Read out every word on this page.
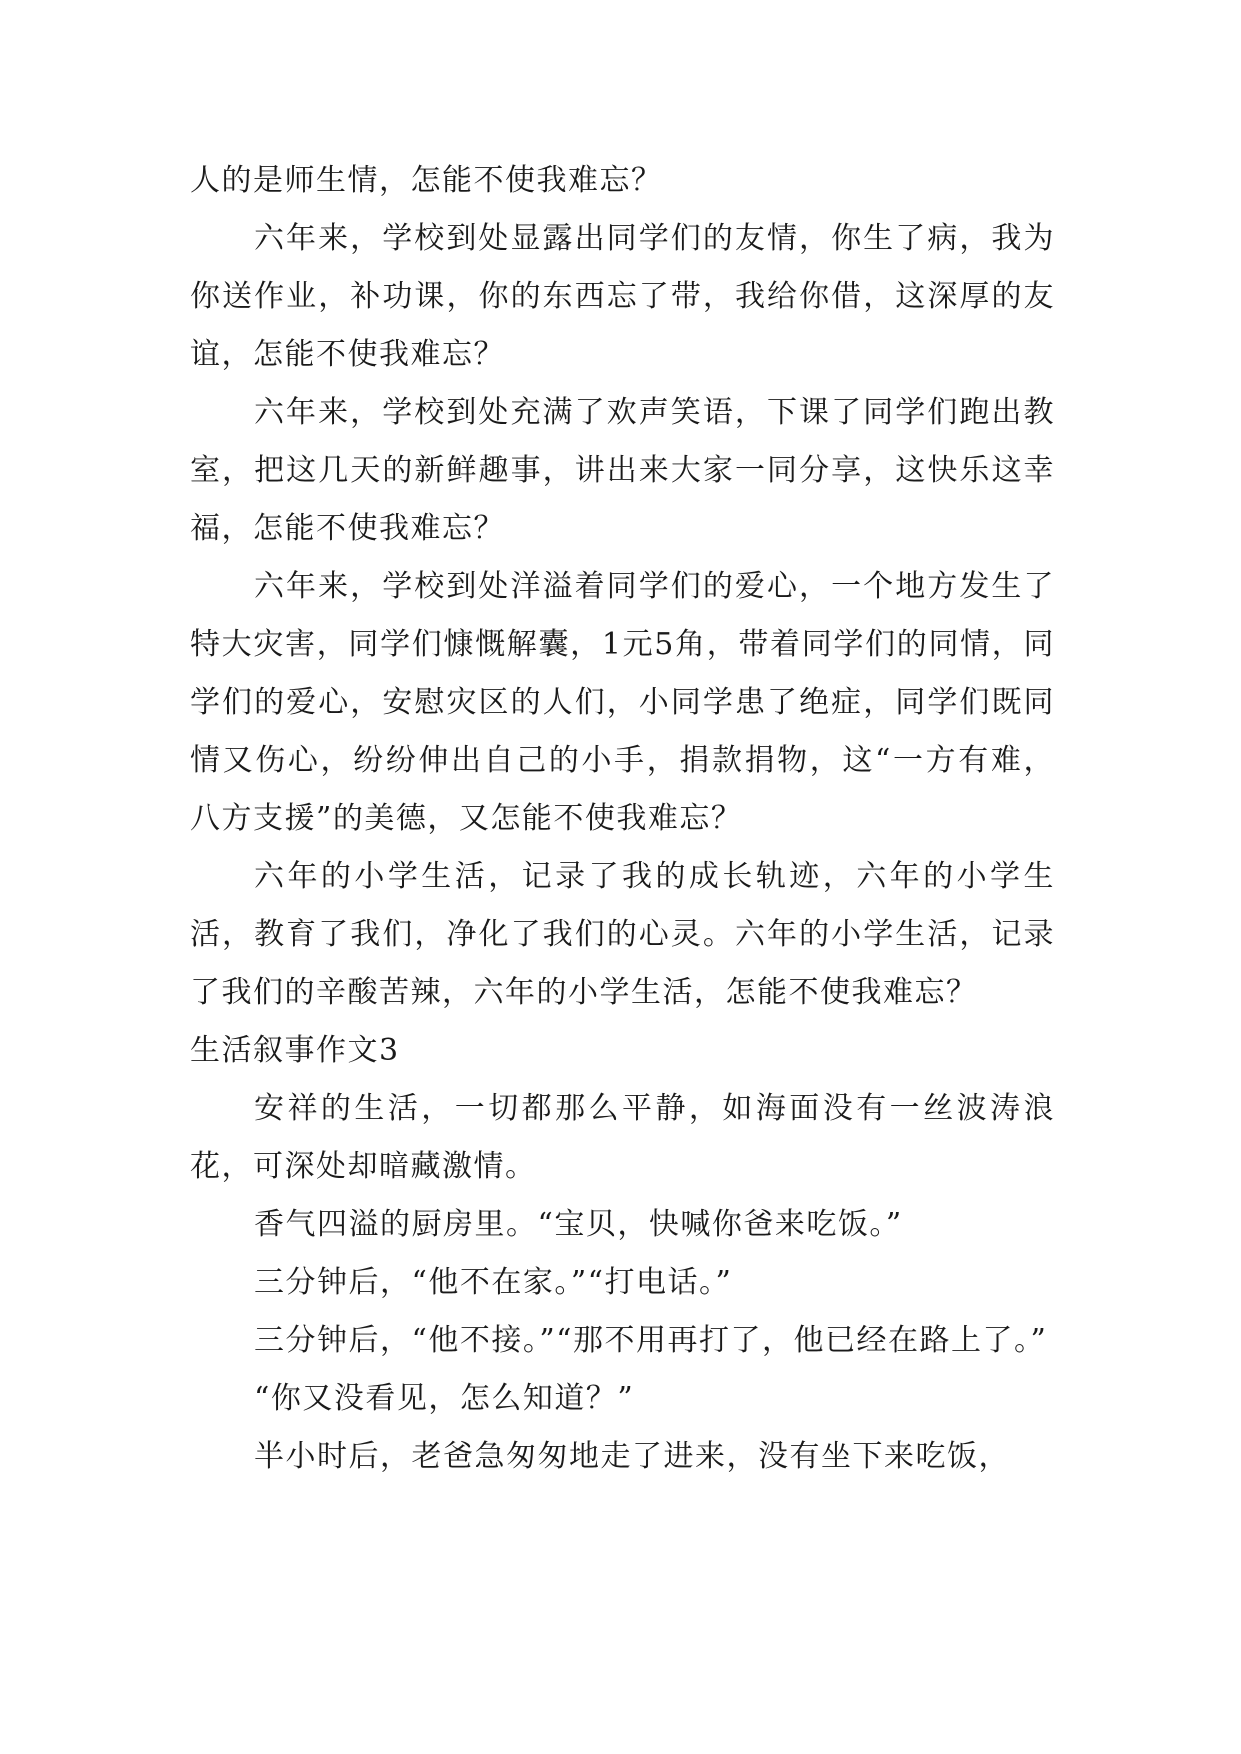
人的是师生情，怎能不使我难忘？

六年来，学校到处显露出同学们的友情，你生了病，我为你送作业，补功课，你的东西忘了带，我给你借，这深厚的友谊，怎能不使我难忘？

六年来，学校到处充满了欢声笑语，下课了同学们跑出教室，把这几天的新鲜趣事，讲出来大家一同分享，这快乐这幸福，怎能不使我难忘？

六年来，学校到处洋溢着同学们的爱心，一个地方发生了特大灾害，同学们慷慨解囊，1元5角，带着同学们的同情，同学们的爱心，安慰灾区的人们，小同学患了绝症，同学们既同情又伤心，纷纷伸出自己的小手，捐款捐物，这“一方有难，八方支援”的美德，又怎能不使我难忘？

六年的小学生活，记录了我的成长轨迹，六年的小学生活，教育了我们，净化了我们的心灵。六年的小学生活，记录了我们的辛酸苦辣，六年的小学生活，怎能不使我难忘？

生活叙事作文3

安祥的生活，一切都那么平静，如海面没有一丝波涛浪花，可深处却暗藏激情。

香气四溢的厨房里。“宝贝，快喊你爸来吃饭。”

三分钟后，“他不在家。”“打电话。”

三分钟后，“他不接。”“那不用再打了，他已经在路上了。”

“你又没看见，怎么知道？”

半小时后，老爸急匆匆地走了进来，没有坐下来吃饭，
